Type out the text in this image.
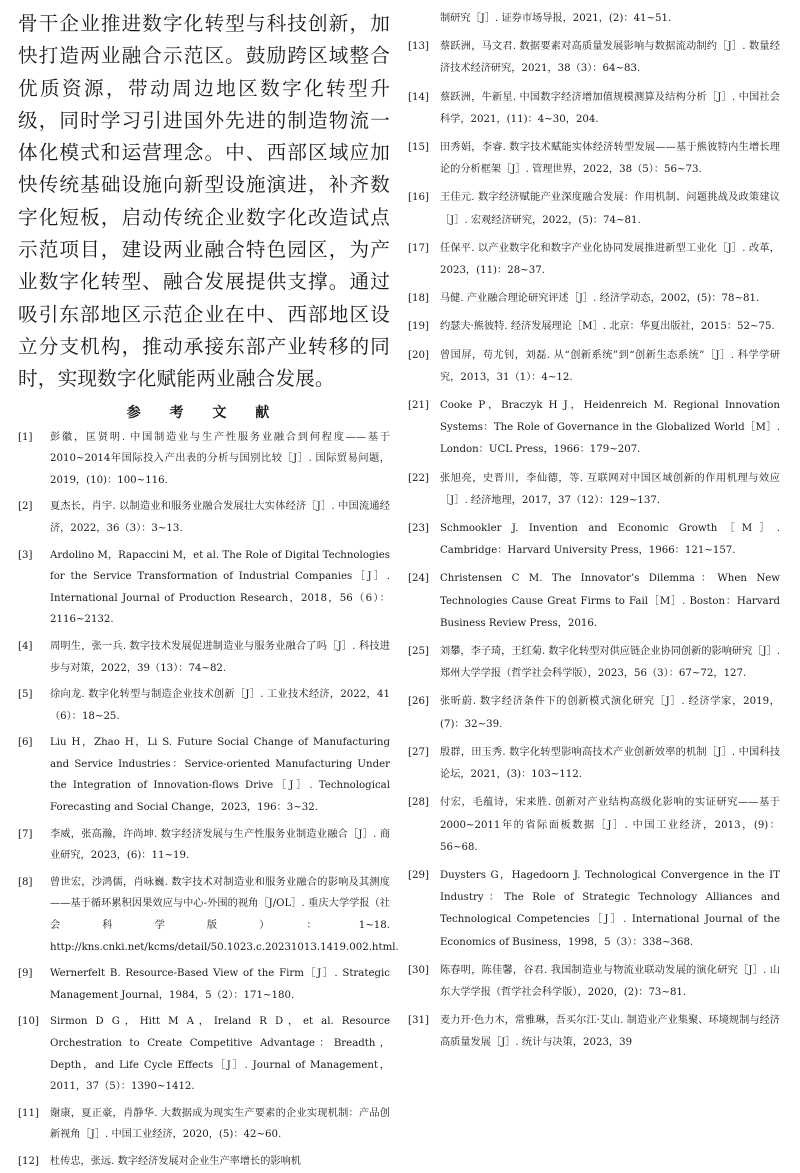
骨干企业推进数字化转型与科技创新，加快打造两业融合示范区。鼓励跨区域整合优质资源，带动周边地区数字化转型升级，同时学习引进国外先进的制造物流一体化模式和运营理念。中、西部区域应加快传统基础设施向新型设施演进，补齐数字化短板，启动传统企业数字化改造试点示范项目，建设两业融合特色园区，为产业数字化转型、融合发展提供支撑。通过吸引东部地区示范企业在中、西部地区设立分支机构，推动承接东部产业转移的同时，实现数字化赋能两业融合发展。

参 考 文 献
[1]	彭徽，匡贤明. 中国制造业与生产性服务业融合到何程度——基于2010~2014年国际投入产出表的分析与国别比较［J］. 国际贸易问题，2019，(10)：100~116.
[2]	夏杰长，肖宇. 以制造业和服务业融合发展壮大实体经济［J］. 中国流通经济，2022，36（3）：3~13.
[3]	Ardolino M，Rapaccini M，et al. The Role of Digital Technologies for the Service Transformation of Industrial Companies［J］. International Journal of Production Research，2018，56（6）：2116~2132.
[4]	周明生，张一兵. 数字技术发展促进制造业与服务业融合了吗［J］. 科技进步与对策，2022，39（13）：74~82.
[5]	徐向龙. 数字化转型与制造企业技术创新［J］. 工业技术经济，2022，41（6）：18~25.
[6]	Liu H，Zhao H，Li S. Future Social Change of Manufacturing and Service Industries：Service-oriented Manufacturing Under the Integration of Innovation-flows Drive［J］. Technological Forecasting and Social Change，2023，196：3~32.
[7]	李威，张高瀚，许尚坤. 数字经济发展与生产性服务业制造业融合［J］. 商业研究，2023，(6)：11~19.
[8]	曾世宏，沙鸿儒，肖咏巍. 数字技术对制造业和服务业融合的影响及其测度——基于循环累积因果效应与中心-外围的视角［J/OL］. 重庆大学学报（社会科学版）：1~18. http://kns.cnki.net/kcms/detail/50.1023.c.20231013.1419.002.html.
[9]	Wernerfelt B. Resource-Based View of the Firm［J］. Strategic Management Journal，1984，5（2）：171~180.
[10]	Sirmon D G，Hitt M A，Ireland R D，et al. Resource Orchestration to Create Competitive Advantage：Breadth，Depth，and Life Cycle Effects［J］. Journal of Management，2011，37（5）：1390~1412.
[11]	谢康，夏正豪，肖静华. 大数据成为现实生产要素的企业实现机制：产品创新视角［J］. 中国工业经济，2020，(5)：42~60.
[12]	杜传忠，张远. 数字经济发展对企业生产率增长的影响机
制研究［J］. 证券市场导报，2021，(2)：41~51.
[13]	蔡跃洲，马文君. 数据要素对高质量发展影响与数据流动制约［J］. 数量经济技术经济研究，2021，38（3）：64~83.
[14]	蔡跃洲，牛新星. 中国数字经济增加值规模测算及结构分析［J］. 中国社会科学，2021，(11)：4~30，204.
[15]	田秀娟，李睿. 数字技术赋能实体经济转型发展——基于熊彼特内生增长理论的分析框架［J］. 管理世界，2022，38（5）：56~73.
[16]	王佳元. 数字经济赋能产业深度融合发展：作用机制、问题挑战及政策建议［J］. 宏观经济研究，2022，(5)：74~81.
[17]	任保平. 以产业数字化和数字产业化协同发展推进新型工业化［J］. 改革，2023，(11)：28~37.
[18]	马健. 产业融合理论研究评述［J］. 经济学动态，2002，(5)：78~81.
[19]	约瑟夫·熊彼特. 经济发展理论［M］. 北京：华夏出版社，2015：52~75.
[20]	曾国屏，苟尤钊，刘磊. 从“创新系统”到“创新生态系统”［J］. 科学学研究，2013，31（1）：4~12.
[21]	Cooke P，Braczyk H J，Heidenreich M. Regional Innovation Systems：The Role of Governance in the Globalized World［M］. London：UCL Press，1966：179~207.
[22]	张旭亮，史晋川，李仙德，等. 互联网对中国区域创新的作用机理与效应［J］. 经济地理，2017，37（12）：129~137.
[23]	Schmookler J. Invention and Economic Growth［M］. Cambridge：Harvard University Press，1966：121~157.
[24]	Christensen C M. The Innovator’s Dilemma：When New Technologies Cause Great Firms to Fail［M］. Boston：Harvard Business Review Press，2016.
[25]	刘攀，李子琦，王红菊. 数字化转型对供应链企业协同创新的影响研究［J］. 郑州大学学报（哲学社会科学版），2023，56（3）：67~72，127.
[26]	张昕蔚. 数字经济条件下的创新模式演化研究［J］. 经济学家，2019，(7)：32~39.
[27]	殷群，田玉秀. 数字化转型影响高技术产业创新效率的机制［J］. 中国科技论坛，2021，(3)：103~112.
[28]	付宏，毛蕴诗，宋来胜. 创新对产业结构高级化影响的实证研究——基于2000~2011年的省际面板数据［J］. 中国工业经济，2013，(9)：56~68.
[29]	Duysters G，Hagedoorn J. Technological Convergence in the IT Industry：The Role of Strategic Technology Alliances and Technological Competencies［J］. International Journal of the Economics of Business，1998，5（3）：338~368.
[30]	陈春明，陈佳馨，谷君. 我国制造业与物流业联动发展的演化研究［J］. 山东大学学报（哲学社会科学版），2020，(2)：73~81.
[31]	麦力开·色力木，常雅琳，吾买尔江·艾山. 制造业产业集聚、环境规制与经济高质量发展［J］. 统计与决策，2023，39
